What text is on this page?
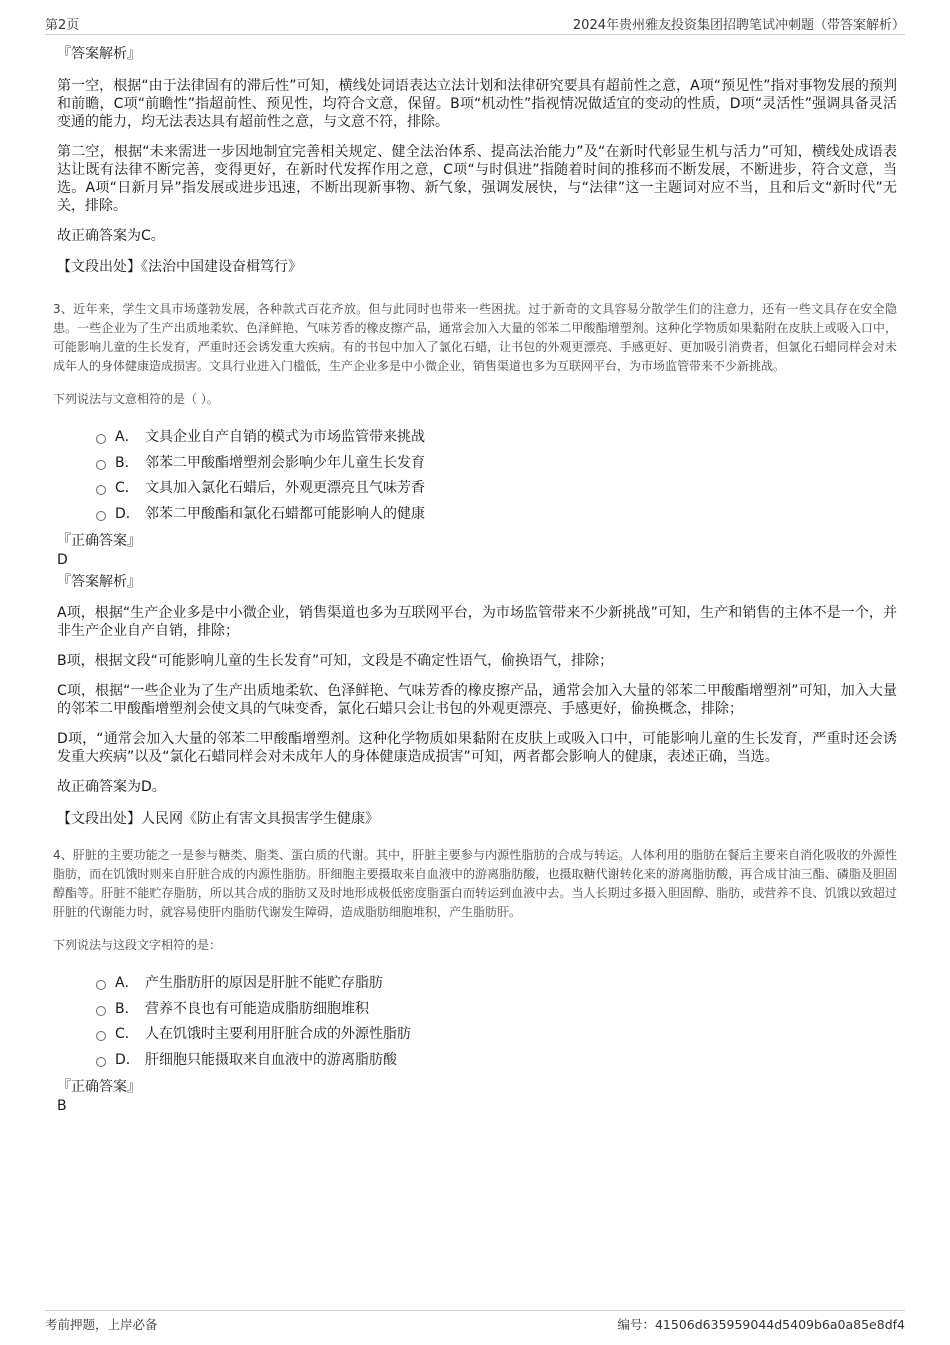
第2页	2024年贵州雅友投资集团招聘笔试冲刺题（带答案解析）

『答案解析』

第一空，根据“由于法律固有的滞后性”可知，横线处词语表达立法计划和法律研究要具有超前性之意，A项“预见性”指对事物发展的预判和前瞻，C项“前瞻性”指超前性、预见性，均符合文意，保留。B项“机动性”指视情况做适宜的变动的性质，D项“灵活性”强调具备灵活变通的能力，均无法表达具有超前性之意，与文意不符，排除。

第二空，根据“未来需进一步因地制宜完善相关规定、健全法治体系、提高法治能力”及“在新时代彰显生机与活力”可知，横线处成语表达让既有法律不断完善，变得更好，在新时代发挥作用之意，C项“与时俱进”指随着时间的推移而不断发展，不断进步，符合文意，当选。A项“日新月异”指发展或进步迅速，不断出现新事物、新气象，强调发展快，与“法律”这一主题词对应不当，且和后文“新时代”无关，排除。

故正确答案为C。

【文段出处】《法治中国建设奋楫笃行》

3、近年来，学生文具市场蓬勃发展，各种款式百花齐放。但与此同时也带来一些困扰。过于新奇的文具容易分散学生们的注意力，还有一些文具存在安全隐患。一些企业为了生产出质地柔软、色泽鲜艳、气味芳香的橡皮擦产品，通常会加入大量的邻苯二甲酸酯增塑剂。这种化学物质如果黏附在皮肤上或吸入口中，可能影响儿童的生长发育，严重时还会诱发重大疾病。有的书包中加入了氯化石蜡，让书包的外观更漂亮、手感更好、更加吸引消费者，但氯化石蜡同样会对未成年人的身体健康造成损害。文具行业进入门槛低，生产企业多是中小微企业，销售渠道也多为互联网平台，为市场监管带来不少新挑战。

下列说法与文意相符的是（ ）。

A． 文具企业自产自销的模式为市场监管带来挑战
B． 邻苯二甲酸酯增塑剂会影响少年儿童生长发育
C． 文具加入氯化石蜡后，外观更漂亮且气味芳香
D． 邻苯二甲酸酯和氯化石蜡都可能影响人的健康

『正确答案』

D

『答案解析』

A项，根据“生产企业多是中小微企业，销售渠道也多为互联网平台，为市场监管带来不少新挑战”可知，生产和销售的主体不是一个，并非生产企业自产自销，排除；

B项，根据文段“可能影响儿童的生长发育”可知，文段是不确定性语气，偷换语气，排除；

C项，根据“一些企业为了生产出质地柔软、色泽鲜艳、气味芳香的橡皮擦产品，通常会加入大量的邻苯二甲酸酯增塑剂”可知，加入大量的邻苯二甲酸酯增塑剂会使文具的气味变香，氯化石蜡只会让书包的外观更漂亮、手感更好，偷换概念，排除；

D项，“通常会加入大量的邻苯二甲酸酯增塑剂。这种化学物质如果黏附在皮肤上或吸入口中，可能影响儿童的生长发育，严重时还会诱发重大疾病”以及“氯化石蜡同样会对未成年人的身体健康造成损害”可知，两者都会影响人的健康，表述正确，当选。

故正确答案为D。

【文段出处】人民网《防止有害文具损害学生健康》

4、肝脏的主要功能之一是参与糖类、脂类、蛋白质的代谢。其中，肝脏主要参与内源性脂肪的合成与转运。人体利用的脂肪在餐后主要来自消化吸收的外源性脂肪，而在饥饿时则来自肝脏合成的内源性脂肪。肝细胞主要摄取来自血液中的游离脂肪酸，也摄取糖代谢转化来的游离脂肪酸，再合成甘油三酯、磷脂及胆固醇酯等。肝脏不能贮存脂肪，所以其合成的脂肪又及时地形成极低密度脂蛋白而转运到血液中去。当人长期过多摄入胆固醇、脂肪，或营养不良、饥饿以致超过肝脏的代谢能力时，就容易使肝内脂肪代谢发生障碍，造成脂肪细胞堆积，产生脂肪肝。

下列说法与这段文字相符的是：

A． 产生脂肪肝的原因是肝脏不能贮存脂肪
B． 营养不良也有可能造成脂肪细胞堆积
C． 人在饥饿时主要利用肝脏合成的外源性脂肪
D． 肝细胞只能摄取来自血液中的游离脂肪酸

『正确答案』

B

考前押题，上岸必备	编号：41506d635959044d5409b6a0a85e8df4
